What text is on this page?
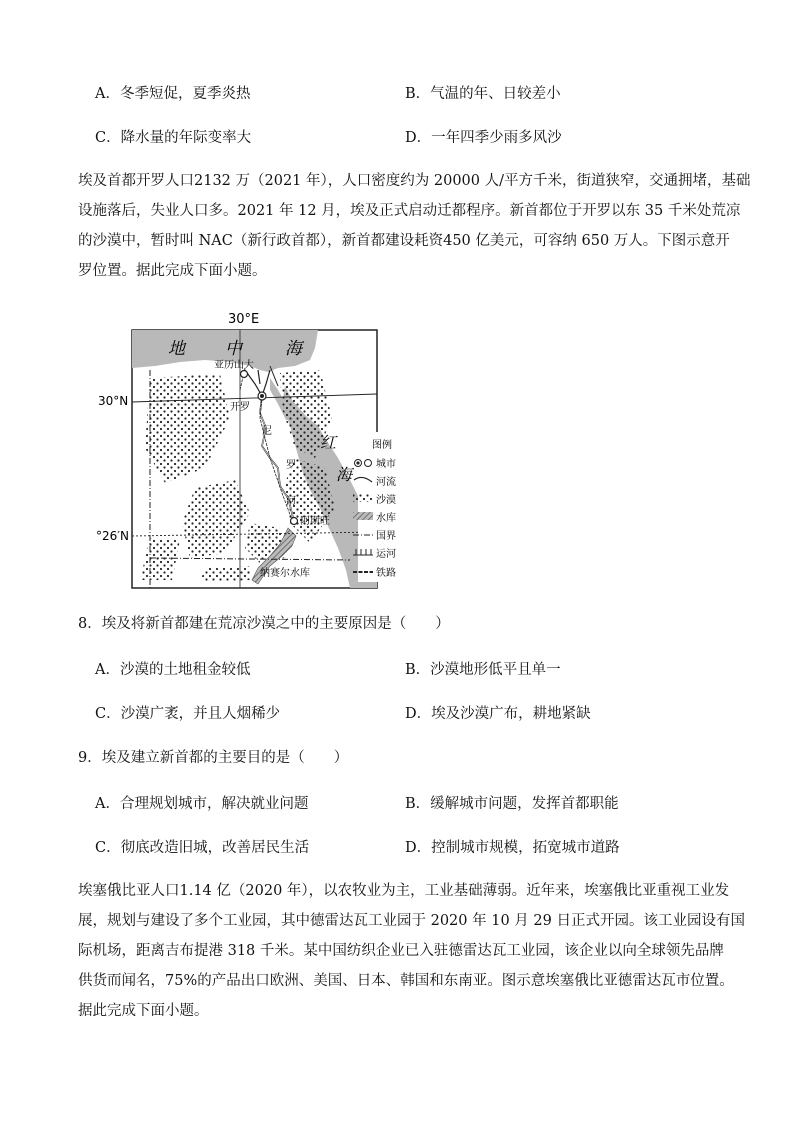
A．冬季短促，夏季炎热	B．气温的年、日较差小
C．降水量的年际变率大	D．一年四季少雨多风沙
埃及首都开罗人口2132 万（2021 年），人口密度约为 20000 人/平方千米，街道狭窄，交通拥堵，基础
设施落后，失业人口多。2021 年 12 月，埃及正式启动迁都程序。新首都位于开罗以东 35 千米处荒凉
的沙漠中，暂时叫 NAC（新行政首都），新首都建设耗资450 亿美元，可容纳 650 万人。下图示意开
罗位置。据此完成下面小题。
30°E
30°N
°26′N
地 中	海
红
海
亚历山大
开罗
阿斯旺
尼
罗
河
纳赛尔水库
图例
城市
河流
沙漠
水库
国界
运河
铁路
8．埃及将新首都建在荒凉沙漠之中的主要原因是（　　）
A．沙漠的土地租金较低	B．沙漠地形低平且单一
C．沙漠广袤，并且人烟稀少	D．埃及沙漠广布，耕地紧缺
9．埃及建立新首都的主要目的是（　　）
A．合理规划城市，解决就业问题	B．缓解城市问题，发挥首都职能
C．彻底改造旧城，改善居民生活	D．控制城市规模，拓宽城市道路
埃塞俄比亚人口1.14 亿（2020 年），以农牧业为主，工业基础薄弱。近年来，埃塞俄比亚重视工业发
展，规划与建设了多个工业园，其中德雷达瓦工业园于 2020 年 10 月 29 日正式开园。该工业园设有国
际机场，距离吉布提港 318 千米。某中国纺织企业已入驻德雷达瓦工业园，该企业以向全球领先品牌
供货而闻名，75%的产品出口欧洲、美国、日本、韩国和东南亚。图示意埃塞俄比亚德雷达瓦市位置。
据此完成下面小题。
